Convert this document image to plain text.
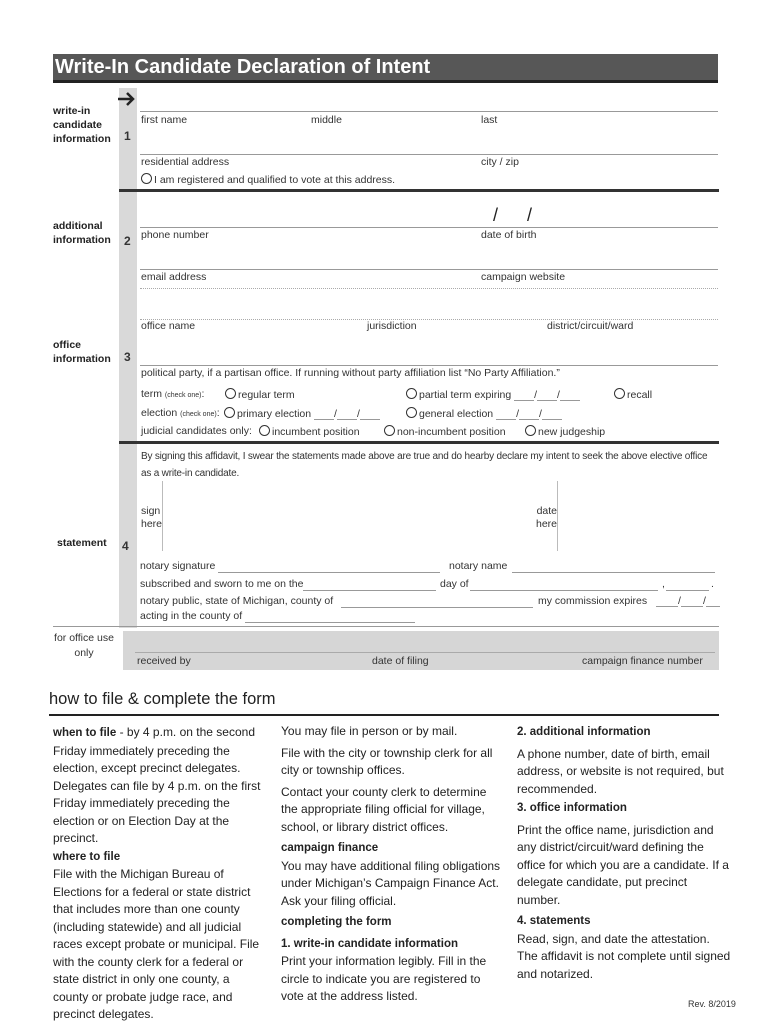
Write-In Candidate Declaration of Intent
write-in candidate information	1
first name	middle	last
residential address	city / zip
I am registered and qualified to vote at this address.
additional information	2
/ /
phone number	date of birth
email address	campaign website
office information	3
office name	jurisdiction	district/circuit/ward
political party, if a partisan office. If running without party affiliation list “No Party Affiliation.”
term (check one):	regular term	partial term expiring / /	recall
election (check one):	primary election / /	general election / /
judicial candidates only:	incumbent position	non-incumbent position	new judgeship
statement 4
By signing this affidavit, I swear the statements made above are true and do hearby declare my intent to seek the above elective office as a write-in candidate.
sign
here
date
here
notary signature	notary name
subscribed and sworn to me on the	day of	,	.
notary public, state of Michigan, county of	my commission expires	/ /
acting in the county of
for office use only
received by	date of filing	campaign finance number
how to file & complete the form
when to file - by 4 p.m. on the second Friday immediately preceding the election, except precinct delegates. Delegates can file by 4 p.m. on the first Friday immediately preceding the election or on Election Day at the precinct.
where to file
File with the Michigan Bureau of Elections for a federal or state district that includes more than one county (including statewide) and all judicial races except probate or municipal. File with the county clerk for a federal or state district in only one county, a county or probate judge race, and precinct delegates.
You may file in person or by mail.
File with the city or township clerk for all city or township offices.
Contact your county clerk to determine the appropriate filing official for village, school, or library district offices.
campaign finance
You may have additional filing obligations under Michigan’s Campaign Finance Act. Ask your filing official.
completing the form
1. write-in candidate information
Print your information legibly. Fill in the circle to indicate you are registered to vote at the address listed.
2. additional information
A phone number, date of birth, email address, or website is not required, but recommended.
3. office information
Print the office name, jurisdiction and any district/circuit/ward defining the office for which you are a candidate. If a delegate candidate, put precinct number.
4. statements
Read, sign, and date the attestation. The affidavit is not complete until signed and notarized.
Rev. 8/2019
